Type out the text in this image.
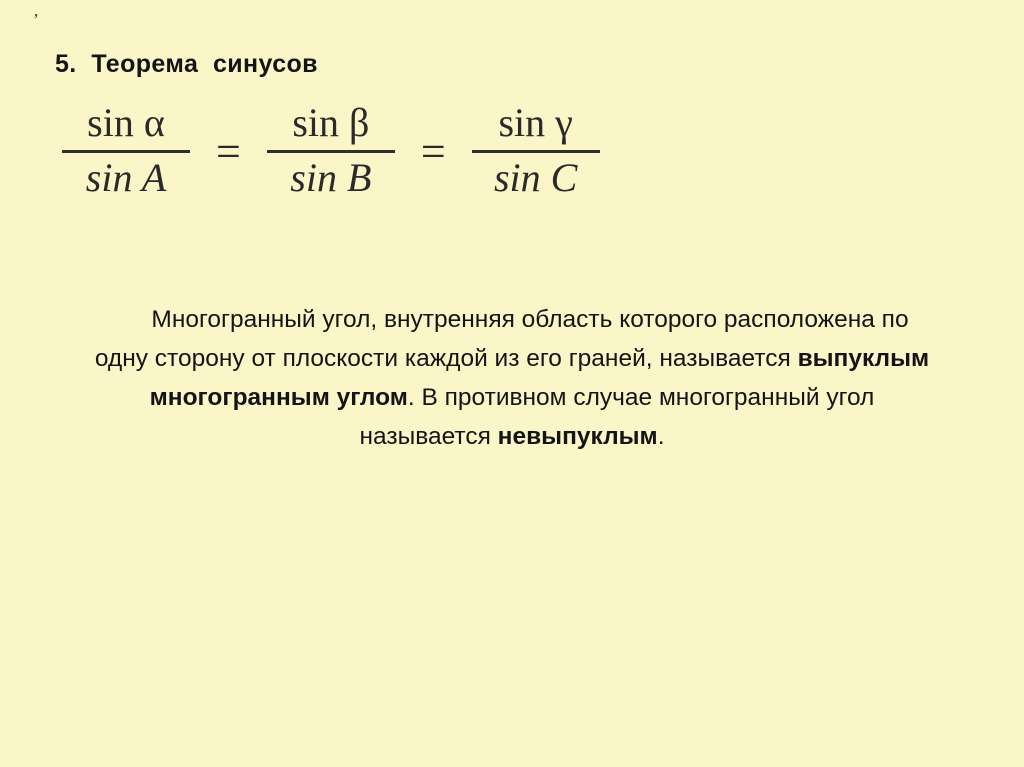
,
5.  Теорема  синусов
$\frac{\text{sin α}}{\text{sin A}} = \frac{\text{sin β}}{\text{sin B}} = \frac{\text{sin γ}}{\text{sin C}}$
Многогранный угол, внутренняя область которого расположена по одну сторону от плоскости каждой из его граней, называется выпуклым многогранным углом. В противном случае многогранный угол называется невыпуклым.
